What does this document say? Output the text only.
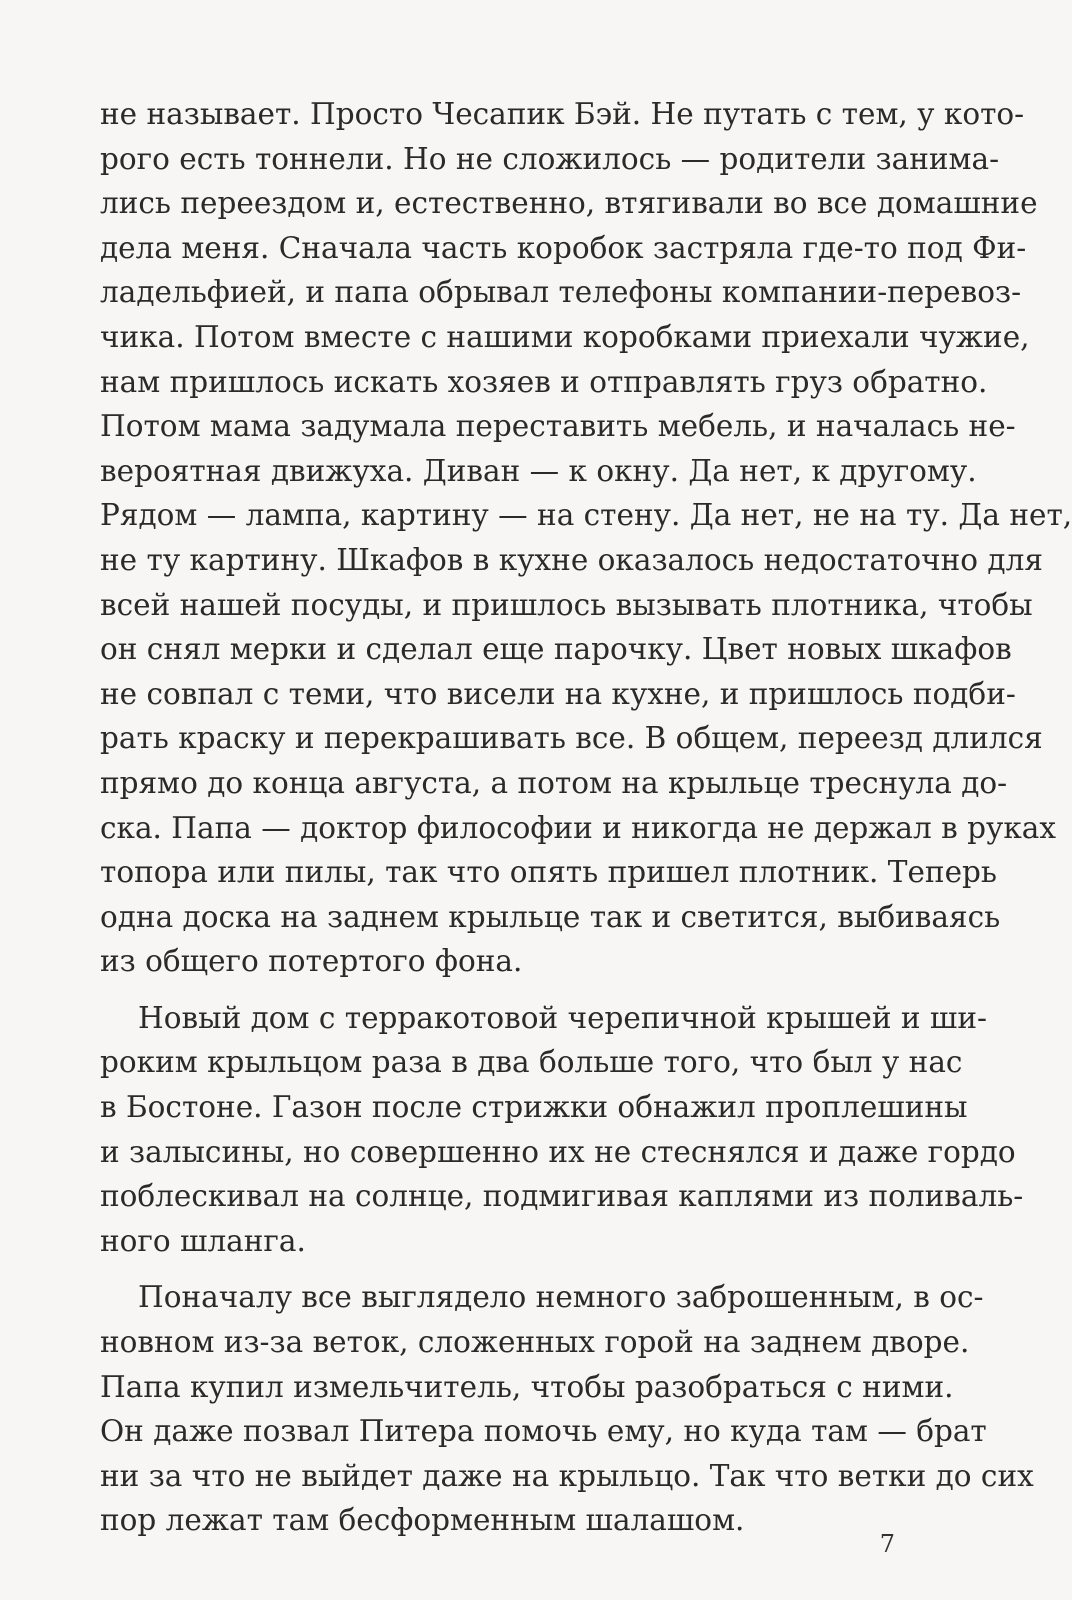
не называет. Просто Чесапик Бэй. Не путать с тем, у кото-
рого есть тоннели. Но не сложилось — родители занима-
лись переездом и, естественно, втягивали во все домашние
дела меня. Сначала часть коробок застряла где-то под Фи-
ладельфией, и папа обрывал телефоны компании-перевоз-
чика. Потом вместе с нашими коробками приехали чужие,
нам пришлось искать хозяев и отправлять груз обратно.
Потом мама задумала переставить мебель, и началась не-
вероятная движуха. Диван — к окну. Да нет, к другому.
Рядом — лампа, картину — на стену. Да нет, не на ту. Да нет,
не ту картину. Шкафов в кухне оказалось недостаточно для
всей нашей посуды, и пришлось вызывать плотника, чтобы
он снял мерки и сделал еще парочку. Цвет новых шкафов
не совпал с теми, что висели на кухне, и пришлось подби-
рать краску и перекрашивать все. В общем, переезд длился
прямо до конца августа, а потом на крыльце треснула до-
ска. Папа — доктор философии и никогда не держал в руках
топора или пилы, так что опять пришел плотник. Теперь
одна доска на заднем крыльце так и светится, выбиваясь
из общего потертого фона.
Новый дом с терракотовой черепичной крышей и ши-
роким крыльцом раза в два больше того, что был у нас
в Бостоне. Газон после стрижки обнажил проплешины
и залысины, но совершенно их не стеснялся и даже гордо
поблескивал на солнце, подмигивая каплями из поливаль-
ного шланга.
Поначалу все выглядело немного заброшенным, в ос-
новном из-за веток, сложенных горой на заднем дворе.
Папа купил измельчитель, чтобы разобраться с ними.
Он даже позвал Питера помочь ему, но куда там — брат
ни за что не выйдет даже на крыльцо. Так что ветки до сих
пор лежат там бесформенным шалашом.
7
